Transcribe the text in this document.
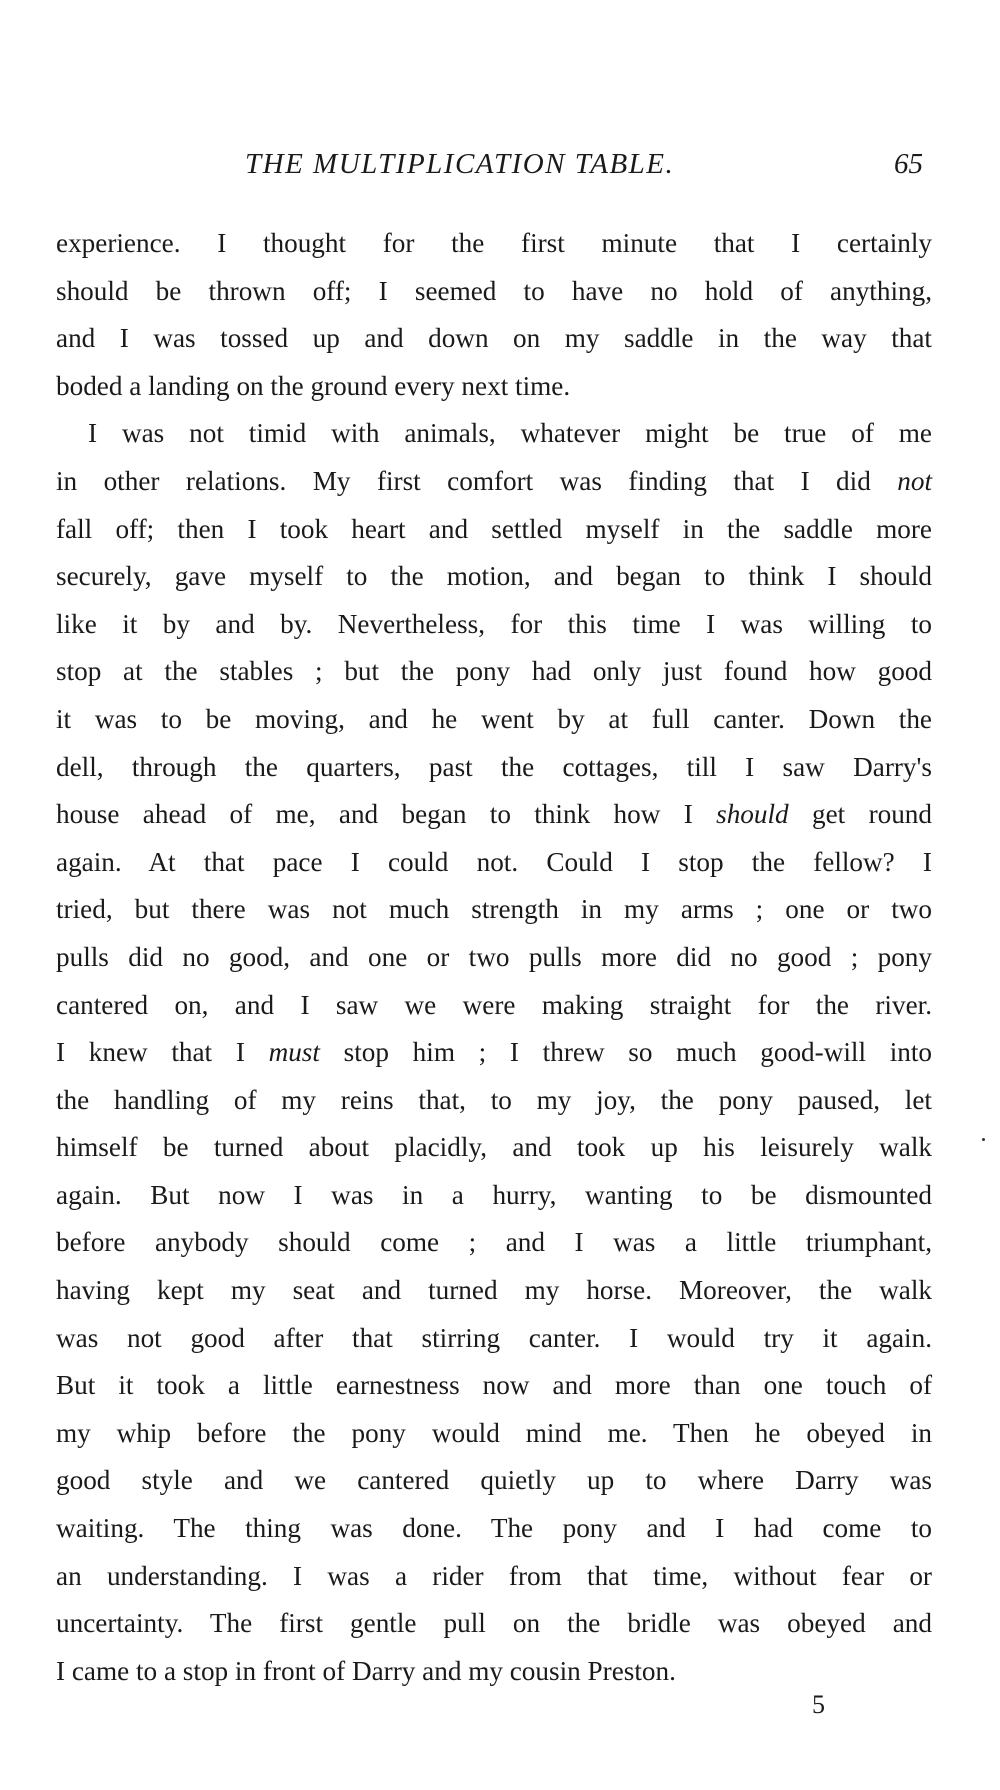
THE MULTIPLICATION TABLE.	65
experience. I thought for the first minute that I certainly
should be thrown off; I seemed to have no hold of anything,
and I was tossed up and down on my saddle in the way that
boded a landing on the ground every next time.
I was not timid with animals, whatever might be true of me
in other relations. My first comfort was finding that I did not
fall off; then I took heart and settled myself in the saddle more
securely, gave myself to the motion, and began to think I should
like it by and by. Nevertheless, for this time I was willing to
stop at the stables ; but the pony had only just found how good
it was to be moving, and he went by at full canter. Down the
dell, through the quarters, past the cottages, till I saw Darry's
house ahead of me, and began to think how I should get round
again. At that pace I could not. Could I stop the fellow? I
tried, but there was not much strength in my arms ; one or two
pulls did no good, and one or two pulls more did no good ; pony
cantered on, and I saw we were making straight for the river.
I knew that I must stop him ; I threw so much good-will into
the handling of my reins that, to my joy, the pony paused, let
himself be turned about placidly, and took up his leisurely walk
again. But now I was in a hurry, wanting to be dismounted
before anybody should come ; and I was a little triumphant,
having kept my seat and turned my horse. Moreover, the walk
was not good after that stirring canter. I would try it again.
But it took a little earnestness now and more than one touch of
my whip before the pony would mind me. Then he obeyed in
good style and we cantered quietly up to where Darry was
waiting. The thing was done. The pony and I had come to
an understanding. I was a rider from that time, without fear or
uncertainty. The first gentle pull on the bridle was obeyed and
I came to a stop in front of Darry and my cousin Preston.
5
